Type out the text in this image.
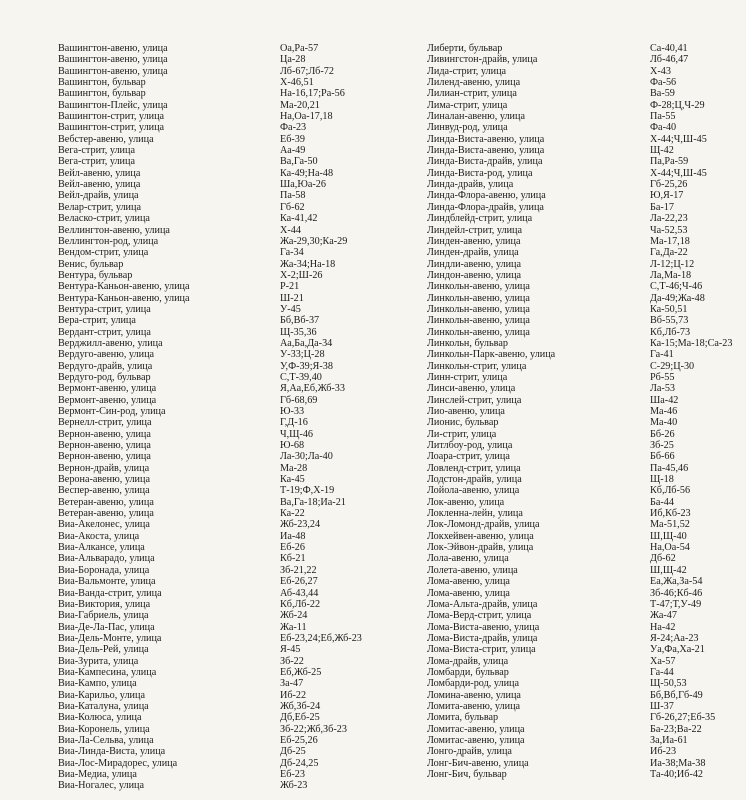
Вашингтон-авеню, улица	Оа,Ра-57
Вашингтон-авеню, улица	Ца-28
Вашингтон-авеню, улица	Лб-67;Лб-72
Вашингтон, бульвар	Х-46,51
Вашингтон, бульвар	На-16,17;Ра-56
Вашингтон-Плейс, улица	Ма-20,21
Вашингтон-стрит, улица	На,Оа-17,18
Вашингтон-стрит, улица	Фа-23
Вебстер-авеню, улица	Еб-39
Вега-стрит, улица	Аа-49
Вега-стрит, улица	Ва,Га-50
Вейл-авеню, улица	Ка-49;На-48
Вейл-авеню, улица	Ша,Юа-26
Вейл-драйв, улица	Па-58
Велар-стрит, улица	Гб-62
Веласко-стрит, улица	Ка-41,42
Веллингтон-авеню, улица	Х-44
Веллингтон-род, улица	Жа-29,30;Ка-29
Вендом-стрит, улица	Га-34
Венис, бульвар	Жа-34;На-18
Вентура, бульвар	Х-2;Ш-26
Вентура-Каньон-авеню, улица	Р-21
Вентура-Каньон-авеню, улица	Ш-21
Вентура-стрит, улица	У-45
Вера-стрит, улица	Бб,Вб-37
Вердант-стрит, улица	Щ-35,36
Верджилл-авеню, улица	Аа,Ба,Да-34
Вердуго-авеню, улица	У-33;Ц-28
Вердуго-драйв, улица	У,Ф-39;Я-38
Вердуго-род, бульвар	С,Т-39,40
Вермонт-авеню, улица	Я,Аа,Еб,Жб-33
Вермонт-авеню, улица	Гб-68,69
Вермонт-Син-род, улица	Ю-33
Вернелл-стрит, улица	Г,Д-16
Вернон-авеню, улица	Ч,Щ-46
Вернон-авеню, улица	Ю-68
Вернон-авеню, улица	Ла-30;Ла-40
Вернон-драйв, улица	Ма-28
Верона-авеню, улица	Ка-45
Веспер-авеню, улица	Т-19;Ф,Х-19
Ветеран-авеню, улица	Ва,Га-18;Иа-21
Ветеран-авеню, улица	Ка-22
Виа-Акелонес, улица	Жб-23,24
Виа-Акоста, улица	Иа-48
Виа-Алкансе, улица	Еб-26
Виа-Альварадо, улица	Кб-21
Виа-Боронада, улица	Зб-21,22
Виа-Вальмонте, улица	Еб-26,27
Виа-Ванда-стрит, улица	Аб-43,44
Виа-Виктория, улица	Кб,Лб-22
Виа-Габриель, улица	Жб-24
Виа-Де-Ла-Пас, улица	Жа-11
Виа-Дель-Монте, улица	Еб-23,24;Еб,Жб-23
Виа-Дель-Рей, улица	Я-45
Виа-Зурита, улица	Зб-22
Виа-Кампесина, улица	Еб,Жб-25
Виа-Кампо, улица	За-47
Виа-Карильо, улица	Иб-22
Виа-Каталуна, улица	Жб,Зб-24
Виа-Колюса, улица	Дб,Еб-25
Виа-Коронель, улица	Зб-22;Жб,Зб-23
Виа-Ла-Сельва, улица	Еб-25,26
Виа-Линда-Виста, улица	Дб-25
Виа-Лос-Мирадорес, улица	Дб-24,25
Виа-Медиа, улица	Еб-23
Виа-Ногалес, улица	Жб-23
Либерти, бульвар	Са-40,41
Ливингстон-драйв, улица	Лб-46,47
Лида-стрит, улица	Х-43
Лиленд-авеню, улица	Фа-56
Лилиан-стрит, улица	Ва-59
Лима-стрит, улица	Ф-28;Ц,Ч-29
Линалан-авеню, улица	Па-55
Линвуд-род, улица	Фа-40
Линда-Виста-авеню, улица	Х-44;Ч,Ш-45
Линда-Виста-авеню, улица	Щ-42
Линда-Виста-драйв, улица	Па,Ра-59
Линда-Виста-род, улица	Х-44;Ч,Ш-45
Линда-драйв, улица	Гб-25,26
Линда-Флора-авеню, улица	Ю,Я-17
Линда-Флора-драйв, улица	Ба-17
Линдблейд-стрит, улица	Ла-22,23
Линдейл-стрит, улица	Ча-52,53
Линден-авеню, улица	Ма-17,18
Линден-драйв, улица	Га,Да-22
Линдли-авеню, улица	Л-12;Ц-12
Линдон-авеню, улица	Ла,Ма-18
Линкольн-авеню, улица	С,Т-46;Ч-46
Линкольн-авеню, улица	Да-49;Жа-48
Линкольн-авеню, улица	Ка-50,51
Линкольн-авеню, улица	Вб-55,73
Линкольн-авеню, улица	Кб,Лб-73
Линкольн, бульвар	Ка-15;Ма-18;Са-23
Линкольн-Парк-авеню, улица	Га-41
Линкольн-стрит, улица	С-29;Ц-30
Линн-стрит, улица	Рб-55
Линси-авеню, улица	Ла-53
Линслей-стрит, улица	Ша-42
Лио-авеню, улица	Ма-46
Лионис, бульвар	Ма-40
Ли-стрит, улица	Бб-26
Литлбоу-род, улица	Зб-25
Лоара-стрит, улица	Бб-66
Ловленд-стрит, улица	Па-45,46
Лодстон-драйв, улица	Щ-18
Лойола-авеню, улица	Кб,Лб-56
Лок-авеню, улица	Ба-44
Локленна-лейн, улица	Иб,Кб-23
Лок-Ломонд-драйв, улица	Ма-51,52
Локхейвен-авеню, улица	Ш,Щ-40
Лок-Эйвон-драйв, улица	На,Оа-54
Лола-авеню, улица	Дб-62
Лолета-авеню, улица	Ш,Щ-42
Лома-авеню, улица	Еа,Жа,За-54
Лома-авеню, улица	Зб-46;Кб-46
Лома-Альта-драйв, улица	Т-47;Т,У-49
Лома-Верд-стрит, улица	Жа-47
Лома-Виста-авеню, улица	На-42
Лома-Виста-драйв, улица	Я-24;Аа-23
Лома-Виста-стрит, улица	Уа,Фа,Ха-21
Лома-драйв, улица	Ха-57
Ломбарди, бульвар	Га-44
Ломбарди-род, улица	Щ-50,53
Ломина-авеню, улица	Бб,Вб,Гб-49
Ломита-авеню, улица	Ш-37
Ломита, бульвар	Гб-26,27;Еб-35
Ломитас-авеню, улица	Ба-23;Ва-22
Ломитас-авеню, улица	За,Иа-61
Лонго-драйв, улица	Иб-23
Лонг-Бич-авеню, улица	Иа-38;Ма-38
Лонг-Бич, бульвар	Та-40;Иб-42
